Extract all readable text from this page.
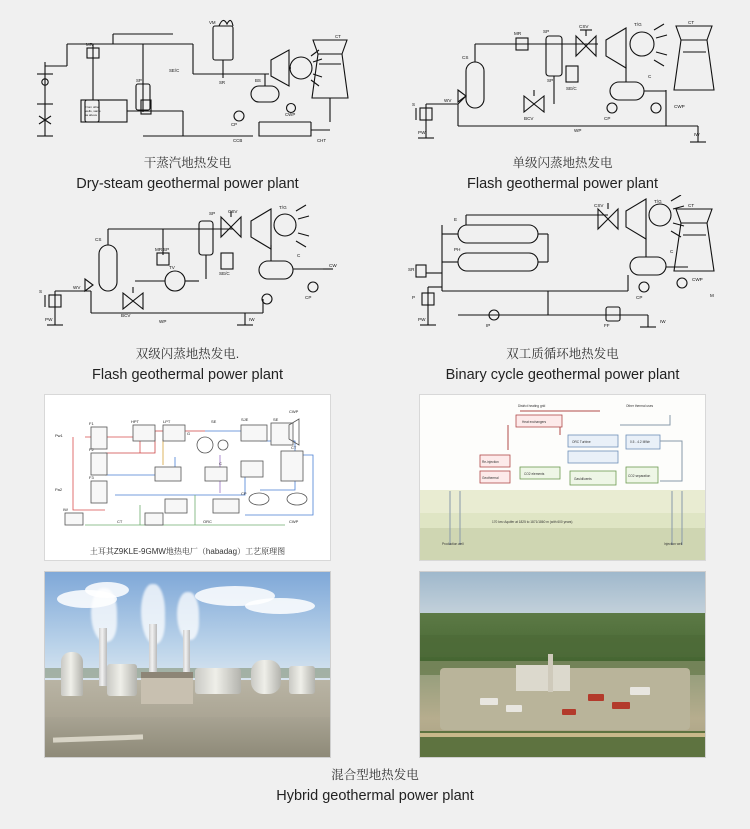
MR
VM
SP
SE/C
SR	BS
CP
CT
CWP
CCB	CHT
From other
wells, same
as above
干蒸汽地热发电
Dry-steam geothermal power plant
CS
MR	SP
CSV	T/G	CT
SP
SE/C
C
WV
S
PW
BCV
WP
CP
CWP
IW
单级闪蒸地热发电
Flash geothermal power plant
SP	CSV
T/G
SP
CS
MR
TV
SE/C
C
CW
S
WV
PW
BCV
WP	IW
CP
双级闪蒸地热发电.
Flash geothermal power plant
E
CSV
T/G
CT
PH	C
CWP
SR
M
P
PW
IP
CP
FF
IW
双工质循环地热发电
Binary cycle geothermal power plant
Pw1
F1
F2
Pa2
F3
HPT	LPT
G
SE	SJE	SE
CWP
CT
C
CP
IW
CT	ORC	CWP
土耳其Z9KLE-9GMW地热电厂（habadag）工艺原理图
District heating grid	Other thermal uses
Heat exchangers
Re-injection
Geothermal
ORC Turbine	0.5 - 4.2 MWe
CO2 elements
Gas/diluents
CO2 separation
Production well	Injection well
170 km² Aquifer at 1825 to 1871/1860 m (with 600 years)
混合型地热发电
Hybrid geothermal power plant
